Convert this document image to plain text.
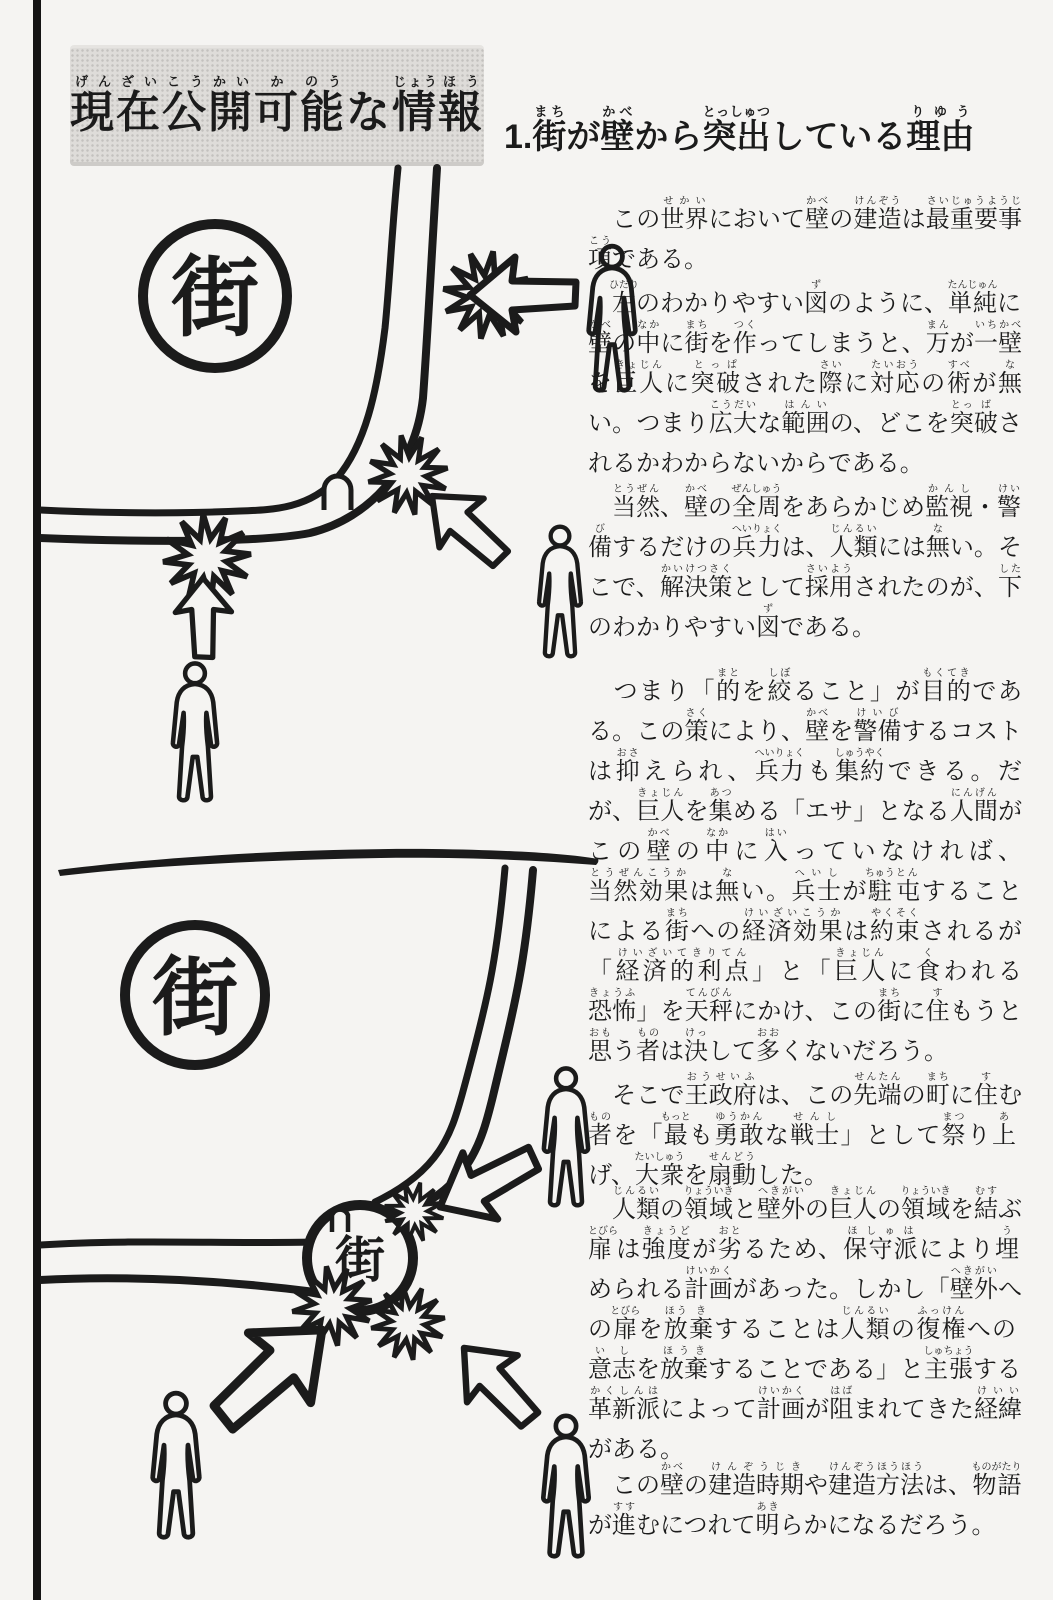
現げん在ざい公こう開かい可か能のうな情じょう報ほう
1.街まちが壁かべから突出とっしゅつしている理由りゆう
街
街
街

　この世界せかいにおいて壁かべの建造けんぞうは最重要事さいじゅうようじ項こうである。

　左ひだりのわかりやすい図ずのように、単純たんじゅんに壁かべの中なかに街まちを作つくってしまうと、万まんが一いち壁かべを巨人きょじんに突破とっぱされた際さいに対応たいおうの術すべが無ない。つまり広大こうだいな範囲はんいの、どこを突とっ破ばされるかわからないからである。

　当然とうぜん、壁かべの全周ぜんしゅうをあらかじめ監視かんし・警けい備びするだけの兵力へいりょくは、人類じんるいには無ない。そこで、解決策かいけつさくとして採用さいようされたのが、下したのわかりやすい図ずである。

　つまり「的まとを絞しぼること」が目的もくてきである。この策さくにより、壁かべを警備けいびするコストは抑おさえられ、兵力へいりょくも集約しゅうやくできる。だが、巨人きょじんを集あつめる「エサ」となる人間にんげんがこの壁かべの中なかに入はいっていなければ、当然効果とうぜんこうかは無ない。兵士へいしが駐ちゅう屯とんすることによる街まちへの経済効果けいざいこうかは約束やくそくされるが「経済的利点けいざいてきりてん」と「巨人きょじんに食くわれる恐怖きょうふ」を天秤てんびんにかけ、この街まちに住すもうと思おもう者ものは決けっして多おおくないだろう。

　そこで王政府おうせいふは、この先端せんたんの町まちに住すむ者ものを「最もっとも勇敢ゆうかんな戦士せんし」として祭まつり上あげ、大衆たいしゅうを扇動せんどうした。

　人類じんるいの領域りょういきと壁外へきがいの巨人きょじんの領域りょういきを結むすぶ扉とびらは強度きょうどが劣おとるため、保守派ほしゅはにより埋うめられる計画けいかくがあった。しかし「壁外へきがいへの扉とびらを放ほう棄きすることは人類じんるいの復権ふっけんへの意志いしを放棄ほうきすることである」と主張しゅちょうする革新派かくしんはによって計画けいかくが阻はばまれてきた経緯けいいがある。

　この壁かべの建造時期けんぞうじきや建造方法けんぞうほうほうは、物語ものがたりが進すすむにつれて明あきらかになるだろう。
